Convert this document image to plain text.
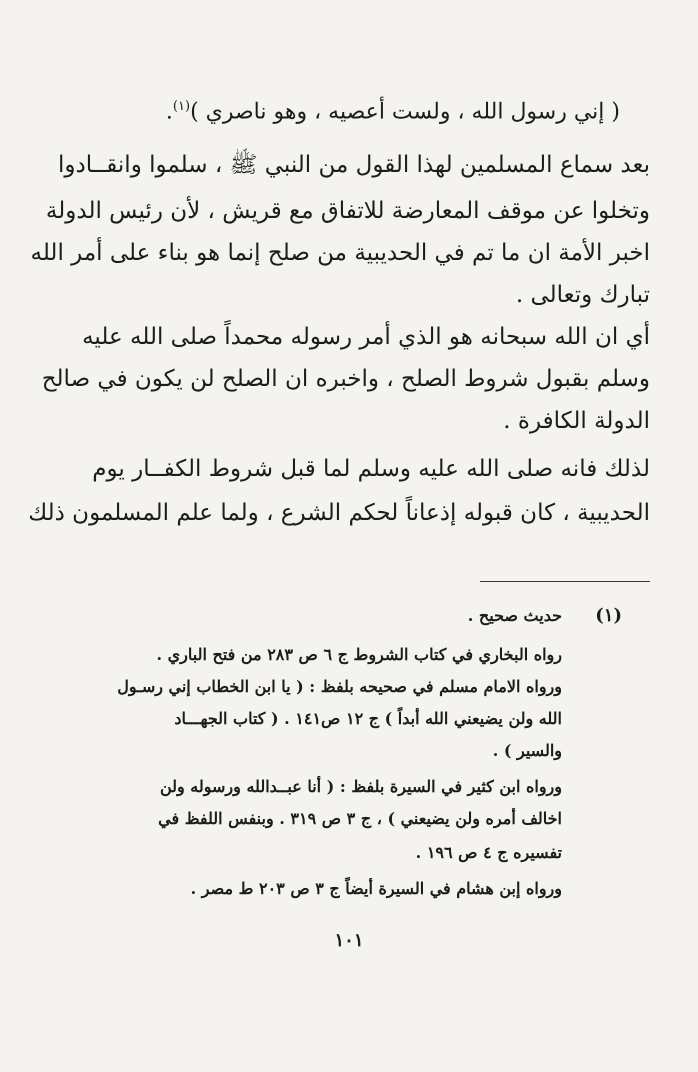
( إني رسول الله ، ولست أعصيه ، وهو ناصري )$^{(١)}$.
بعد سماع المسلمين لهذا القول من النبي ﷺ ، سلموا وانقــادوا
وتخلوا عن موقف المعارضة للاتفاق مع قريش ، لأن رئيس الدولة
اخبر الأمة ان ما تم في الحديبية من صلح إنما هو بناء على أمر الله
تبارك وتعالى .
أي ان الله سبحانه هو الذي أمر رسوله محمداً صلى الله عليه
وسلم بقبول شروط الصلح ، واخبره ان الصلح لن يكون في صالح
الدولة الكافرة .
لذلك فانه صلى الله عليه وسلم لما قبل شروط الكفــار يوم
الحديبية ، كان قبوله إذعاناً لحكم الشرع ، ولما علم المسلمون ذلك
(١)
حديث صحيح .
رواه البخاري في كتاب الشروط ج ٦ ص ٢٨٣ من فتح الباري .
ورواه الامام مسلم في صحيحه بلفظ : ( يا ابن الخطاب إني رسـول
الله ولن يضيعني الله أبداً ) ج ١٢ ص١٤١ . ( كتاب الجهـــاد
والسير ) .
ورواه ابن كثير في السيرة بلفظ : ( أنا عبــدالله ورسوله ولن
اخالف أمره ولن يضيعني ) ، ج ٣ ص ٣١٩ . وبنفس اللفظ في
تفسيره ج ٤ ص ١٩٦ .
ورواه إبن هشام في السيرة أيضاً ج ٣ ص ٢٠٣ ط مصر .
١٠١
